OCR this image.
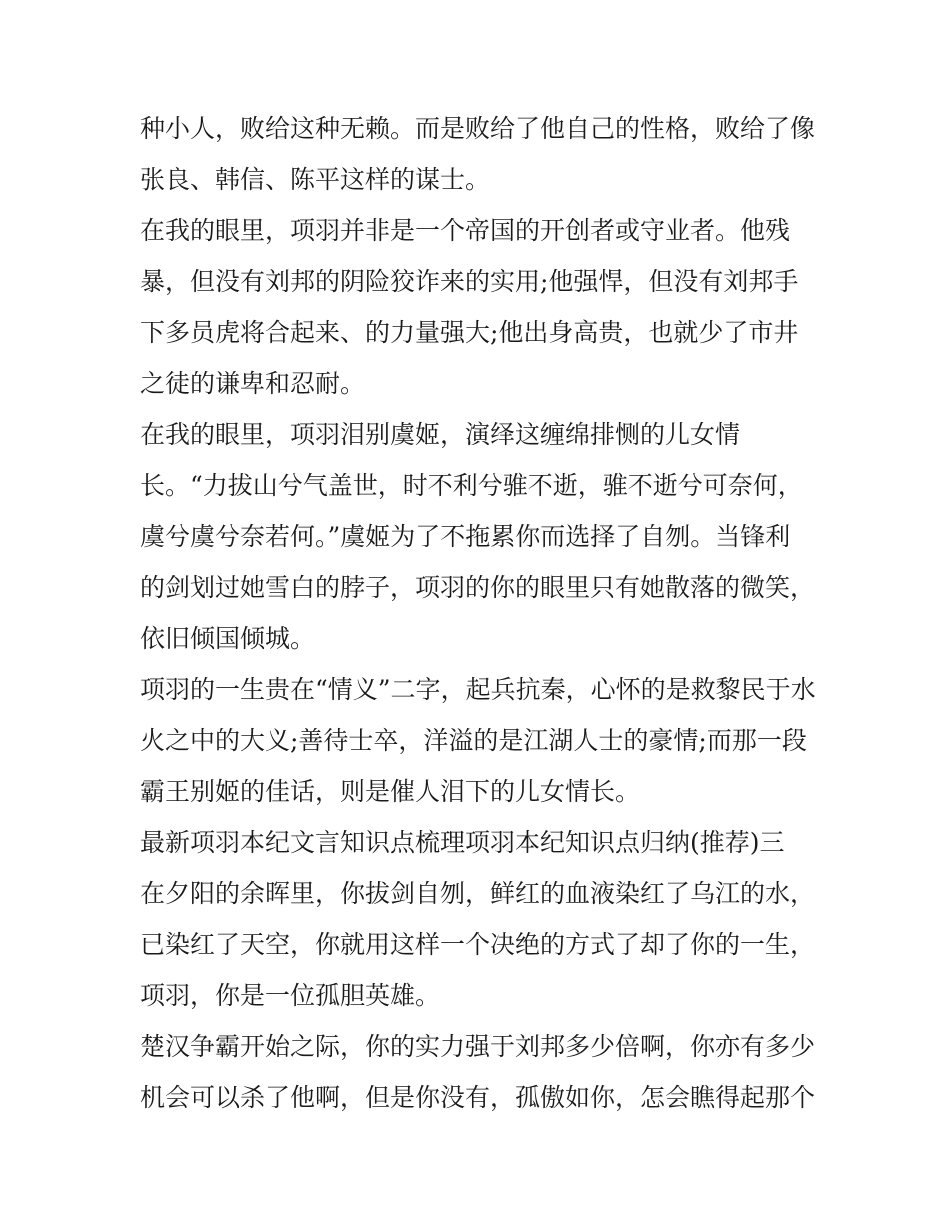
种小人，败给这种无赖。而是败给了他自己的性格，败给了像
张良、韩信、陈平这样的谋士。
在我的眼里，项羽并非是一个帝国的开创者或守业者。他残
暴，但没有刘邦的阴险狡诈来的实用;他强悍，但没有刘邦手
下多员虎将合起来、的力量强大;他出身高贵，也就少了市井
之徒的谦卑和忍耐。
在我的眼里，项羽泪别虞姬，演绎这缠绵排恻的儿女情
长。“力拔山兮气盖世，时不利兮骓不逝，骓不逝兮可奈何，
虞兮虞兮奈若何。”虞姬为了不拖累你而选择了自刎。当锋利
的剑划过她雪白的脖子，项羽的你的眼里只有她散落的微笑，
依旧倾国倾城。
项羽的一生贵在“情义”二字，起兵抗秦，心怀的是救黎民于水
火之中的大义;善待士卒，洋溢的是江湖人士的豪情;而那一段
霸王别姬的佳话，则是催人泪下的儿女情长。
最新项羽本纪文言知识点梳理项羽本纪知识点归纳(推荐)三
在夕阳的余晖里，你拔剑自刎，鲜红的血液染红了乌江的水，
已染红了天空，你就用这样一个决绝的方式了却了你的一生，
项羽，你是一位孤胆英雄。
楚汉争霸开始之际，你的实力强于刘邦多少倍啊，你亦有多少
机会可以杀了他啊，但是你没有，孤傲如你，怎会瞧得起那个
